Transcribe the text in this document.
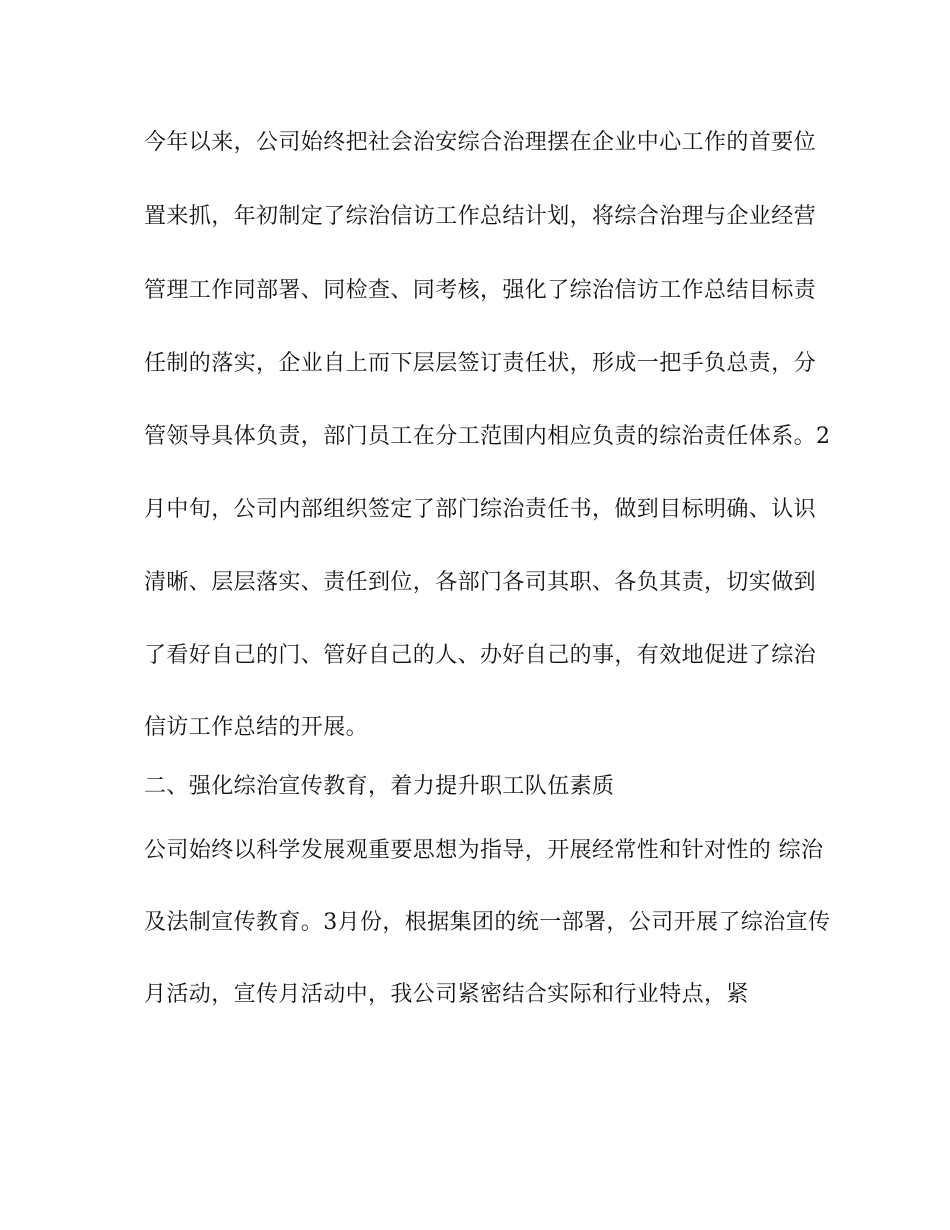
今年以来，公司始终把社会治安综合治理摆在企业中心工作的首要位
置来抓，年初制定了综治信访工作总结计划，将综合治理与企业经营
管理工作同部署、同检查、同考核，强化了综治信访工作总结目标责
任制的落实，企业自上而下层层签订责任状，形成一把手负总责，分
管领导具体负责，部门员工在分工范围内相应负责的综治责任体系。2
月中旬，公司内部组织签定了部门综治责任书，做到目标明确、认识
清晰、层层落实、责任到位，各部门各司其职、各负其责，切实做到
了看好自己的门、管好自己的人、办好自己的事，有效地促进了综治
信访工作总结的开展。
二、强化综治宣传教育，着力提升职工队伍素质
公司始终以科学发展观重要思想为指导，开展经常性和针对性的 综治
及法制宣传教育。3月份，根据集团的统一部署，公司开展了综治宣传
月活动，宣传月活动中，我公司紧密结合实际和行业特点，紧
